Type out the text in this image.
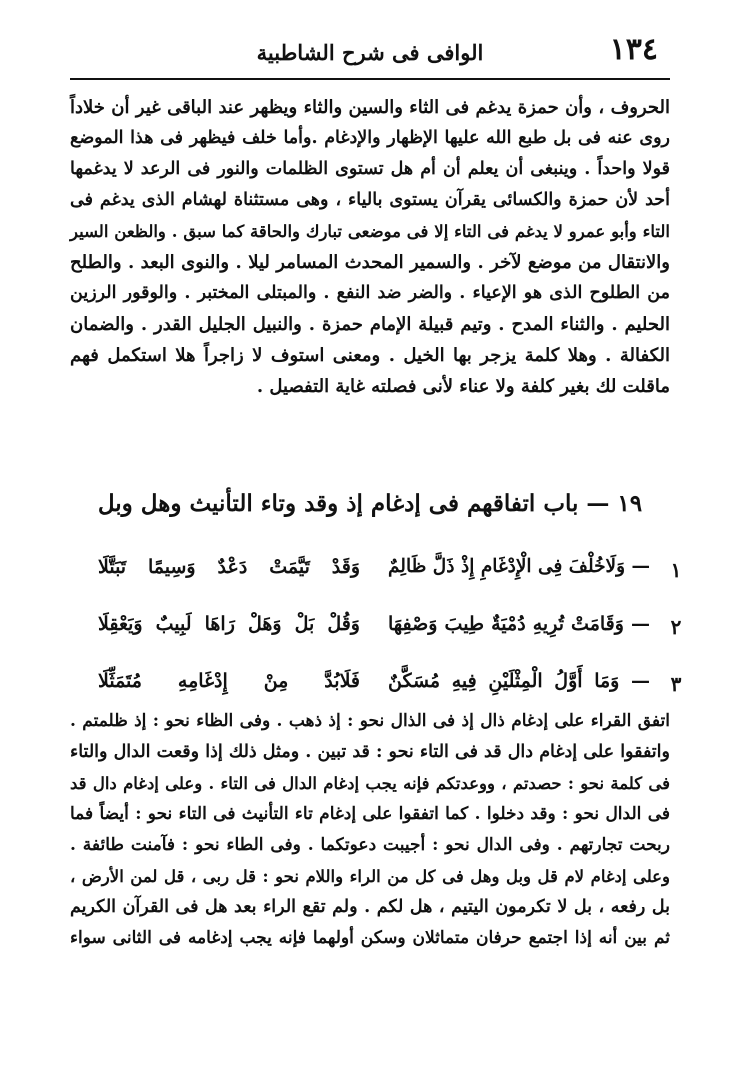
١٣٤
الوافى فى شرح الشاطبية
الحروف ، وأن حمزة يدغم فى الثاء والسين والثاء ويظهر عند الباقى غير أن خلاداً
روى عنه فى بل طبع الله عليها الإظهار والإدغام .وأما خلف فيظهر فى هذا الموضع
قولا واحداً . وينبغى أن يعلم أن أم هل تستوى الظلمات والنور فى الرعد لا يدغمها
أحد لأن حمزة والكسائى يقرآن يستوى بالياء ، وهى مستثناة لهشام الذى يدغم فى
التاء وأبو عمرو لا يدغم فى التاء إلا فى موضعى تبارك والحاقة كما سبق . والظعن السير
والانتقال من موضع لآخر . والسمير المحدث المسامر ليلا . والنوى البعد . والطلح
من الطلوح الذى هو الإعياء . والضر ضد النفع . والمبتلى المختبر . والوقور الرزين
الحليم . والثناء المدح . وتيم قبيلة الإمام حمزة . والنبيل الجليل القدر . والضمان
الكفالة . وهلا كلمة يزجر بها الخيل . ومعنى استوف لا زاجراً هلا استكمل فهم
ماقلت لك بغير كلفة ولا عناء لأنى فصلته غاية التفصيل .
١٩ — باب اتفاقهم فى إدغام إذ وقد وتاء التأنيث وهل وبل
١
— وَلَاخُلْفَ فِى الْإِدْغَامِ إِذْ ذَلَّ ظَالِمٌ
وَقَدْ تَيَّمَتْ دَعْدٌ وَسِيمًا تَبَتَّلَا
٢
— وَقَامَتْ تُرِيهِ دُمْيَةٌ طِيبَ وَصْفِهَا
وَقُلْ بَلْ وَهَلْ رَاهَا لَبِيبٌ وَيَعْقِلَا
٣
— وَمَا أَوَّلُ الْمِثْلَيْنِ فِيهِ مُسَكَّنٌ
فَلَابُدَّ مِنْ إِدْغَامِهِ مُتَمَثِّلَا
اتفق القراء على إدغام ذال إذ فى الذال نحو : إذ ذهب . وفى الظاء نحو : إذ ظلمتم .
واتفقوا على إدغام دال قد فى التاء نحو : قد تبين . ومثل ذلك إذا وقعت الدال والتاء
فى كلمة نحو : حصدتم ، ووعدتكم فإنه يجب إدغام الدال فى التاء . وعلى إدغام دال قد
فى الدال نحو : وقد دخلوا . كما اتفقوا على إدغام تاء التأنيث فى التاء نحو : أيضاً فما
ربحت تجارتهم . وفى الدال نحو : أجيبت دعوتكما . وفى الطاء نحو : فآمنت طائفة .
وعلى إدغام لام قل وبل وهل فى كل من الراء واللام نحو : قل ربى ، قل لمن الأرض ،
بل رفعه ، بل لا تكرمون اليتيم ، هل لكم . ولم تقع الراء بعد هل فى القرآن الكريم
ثم بين أنه إذا اجتمع حرفان متماثلان وسكن أولهما فإنه يجب إدغامه فى الثانى سواء
